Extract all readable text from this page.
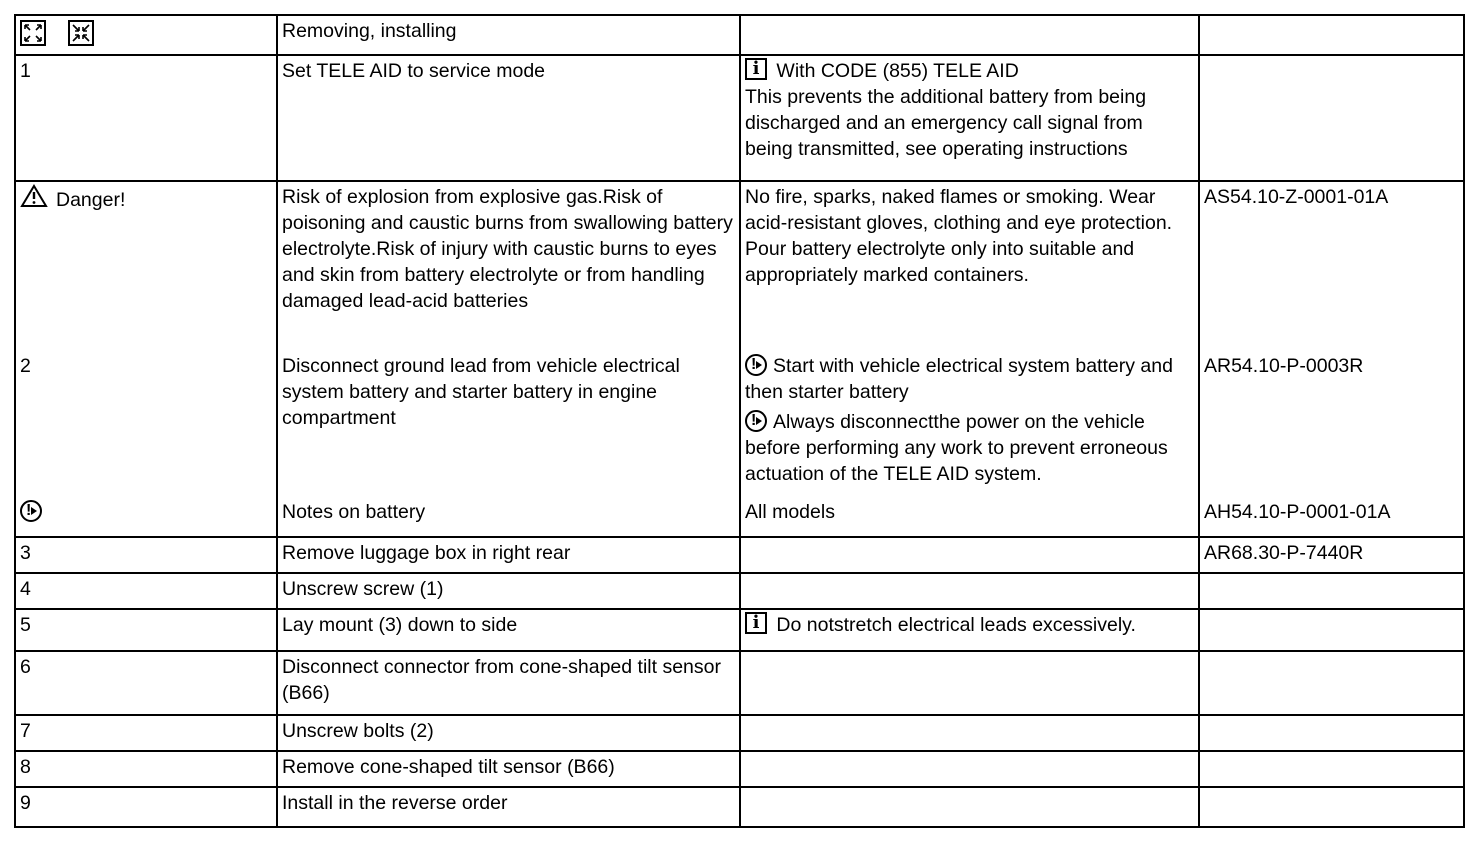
	Removing, installing		
1	Set TELE AID to service mode	iWith CODE (855) TELE AID
This prevents the additional battery from being discharged and an emergency call signal from being transmitted, see operating instructions

Danger!	Risk of explosion from explosive gas.Risk of poisoning and caustic burns from swallowing battery electrolyte.Risk of injury with caustic burns to eyes and skin from battery electrolyte or from handling damaged lead-acid batteries	No fire, sparks, naked flames or smoking. Wear acid-resistant gloves, clothing and eye protection. Pour battery electrolyte only into suitable and appropriately marked containers.	AS54.10-Z-0001-01A
2	Disconnect ground lead from vehicle electrical system battery and starter battery in engine compartment	!Start with vehicle electrical system battery and then starter battery
!Always disconnectthe power on the vehicle before performing any work to prevent erroneous actuation of the TELE AID system.	AR54.10-P-0003R
!	Notes on battery	All models	AH54.10-P-0001-01A
3	Remove luggage box in right rear		AR68.30-P-7440R
4	Unscrew screw (1)		
5	Lay mount (3) down to side	iDo notstretch electrical leads excessively.	
6	Disconnect connector from cone-shaped tilt sensor (B66)		
7	Unscrew bolts (2)		
8	Remove cone-shaped tilt sensor (B66)		
9	Install in the reverse order		
